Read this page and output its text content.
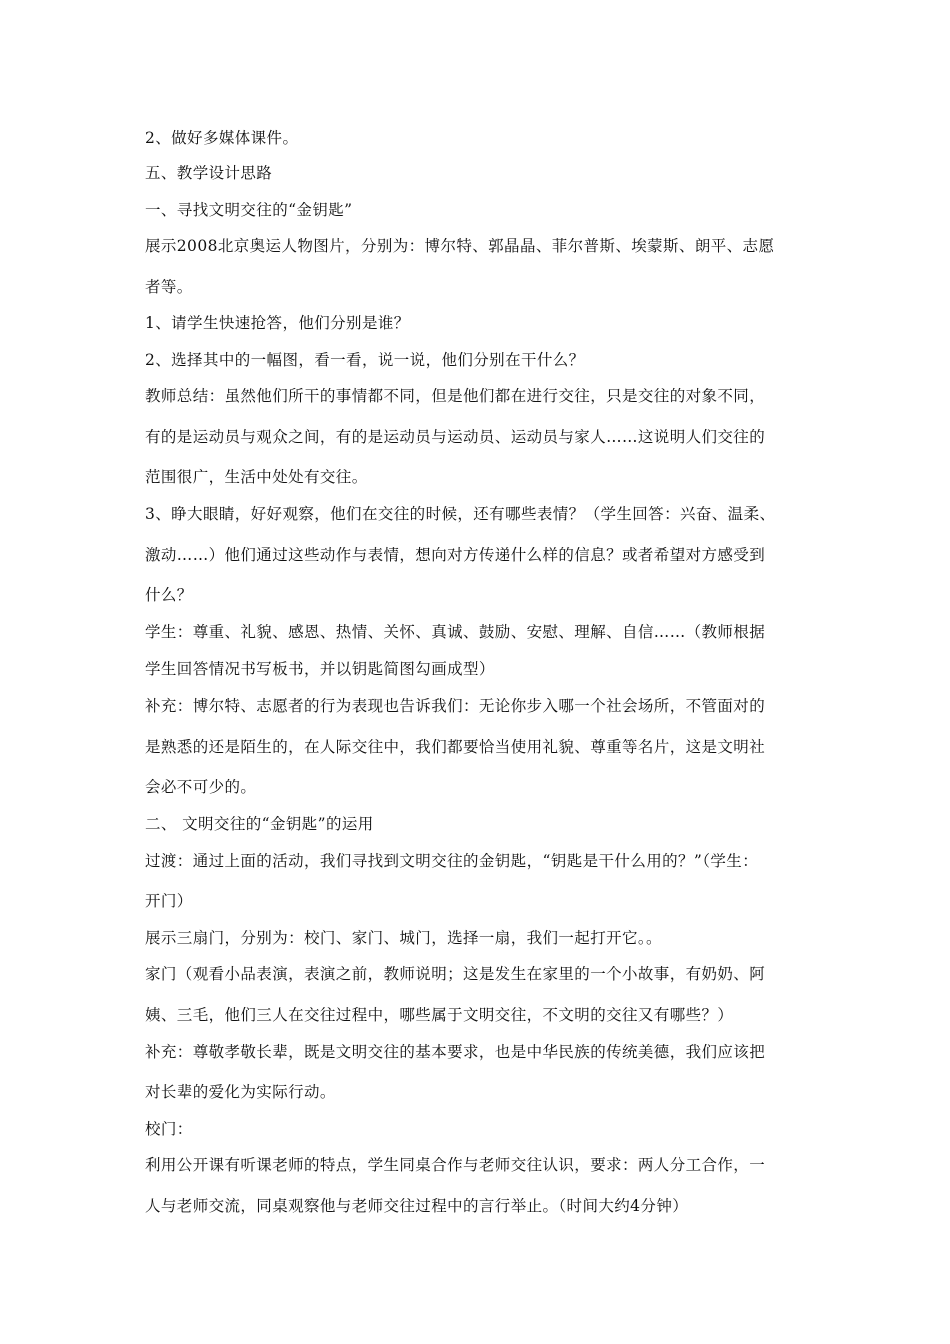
2、做好多媒体课件。
五、教学设计思路
一、寻找文明交往的“金钥匙”
展示2008北京奥运人物图片，分别为：博尔特、郭晶晶、菲尔普斯、埃蒙斯、朗平、志愿
者等。
1、请学生快速抢答，他们分别是谁？
2、选择其中的一幅图，看一看，说一说，他们分别在干什么？
教师总结：虽然他们所干的事情都不同，但是他们都在进行交往，只是交往的对象不同，
有的是运动员与观众之间，有的是运动员与运动员、运动员与家人……这说明人们交往的
范围很广，生活中处处有交往。
3、睁大眼睛，好好观察，他们在交往的时候，还有哪些表情？（学生回答：兴奋、温柔、
激动……）他们通过这些动作与表情，想向对方传递什么样的信息？或者希望对方感受到
什么？
学生：尊重、礼貌、感恩、热情、关怀、真诚、鼓励、安慰、理解、自信……（教师根据
学生回答情况书写板书，并以钥匙简图勾画成型）
补充：博尔特、志愿者的行为表现也告诉我们：无论你步入哪一个社会场所，不管面对的
是熟悉的还是陌生的，在人际交往中，我们都要恰当使用礼貌、尊重等名片，这是文明社
会必不可少的。
二、 文明交往的“金钥匙”的运用
过渡：通过上面的活动，我们寻找到文明交往的金钥匙，“钥匙是干什么用的？”（学生：
开门）
展示三扇门，分别为：校门、家门、城门，选择一扇，我们一起打开它。。
家门（观看小品表演，表演之前，教师说明；这是发生在家里的一个小故事，有奶奶、阿
姨、三毛，他们三人在交往过程中，哪些属于文明交往，不文明的交往又有哪些？）
补充：尊敬孝敬长辈，既是文明交往的基本要求，也是中华民族的传统美德，我们应该把
对长辈的爱化为实际行动。
校门：
利用公开课有听课老师的特点，学生同桌合作与老师交往认识，要求：两人分工合作，一
人与老师交流，同桌观察他与老师交往过程中的言行举止。（时间大约4分钟）
